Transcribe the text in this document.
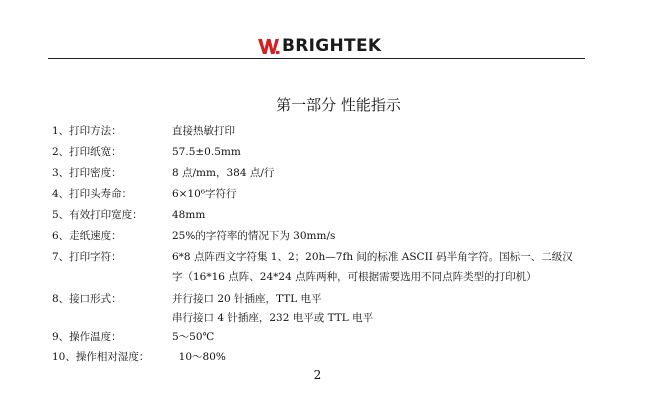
BRIGHTEK
第一部分 性能指示
1、打印方法：	直接热敏打印
2、打印纸宽：	57.5±0.5mm
3、打印密度：	8 点/mm，384 点/行
4、打印头寿命：	6×10⁶字符行
5、有效打印宽度：	48mm
6、走纸速度：	25%的字符率的情况下为 30mm/s
7、打印字符：	6*8 点阵西文字符集 1、2；20h—7fh 间的标准 ASCII 码半角字符。国标一、二级汉
字（16*16 点阵、24*24 点阵两种，可根据需要选用不同点阵类型的打印机）
8、接口形式：	并行接口 20 针插座，TTL 电平
串行接口 4 针插座，232 电平或 TTL 电平
9、操作温度：	5～50℃
10、操作相对湿度： 10～80%
2
